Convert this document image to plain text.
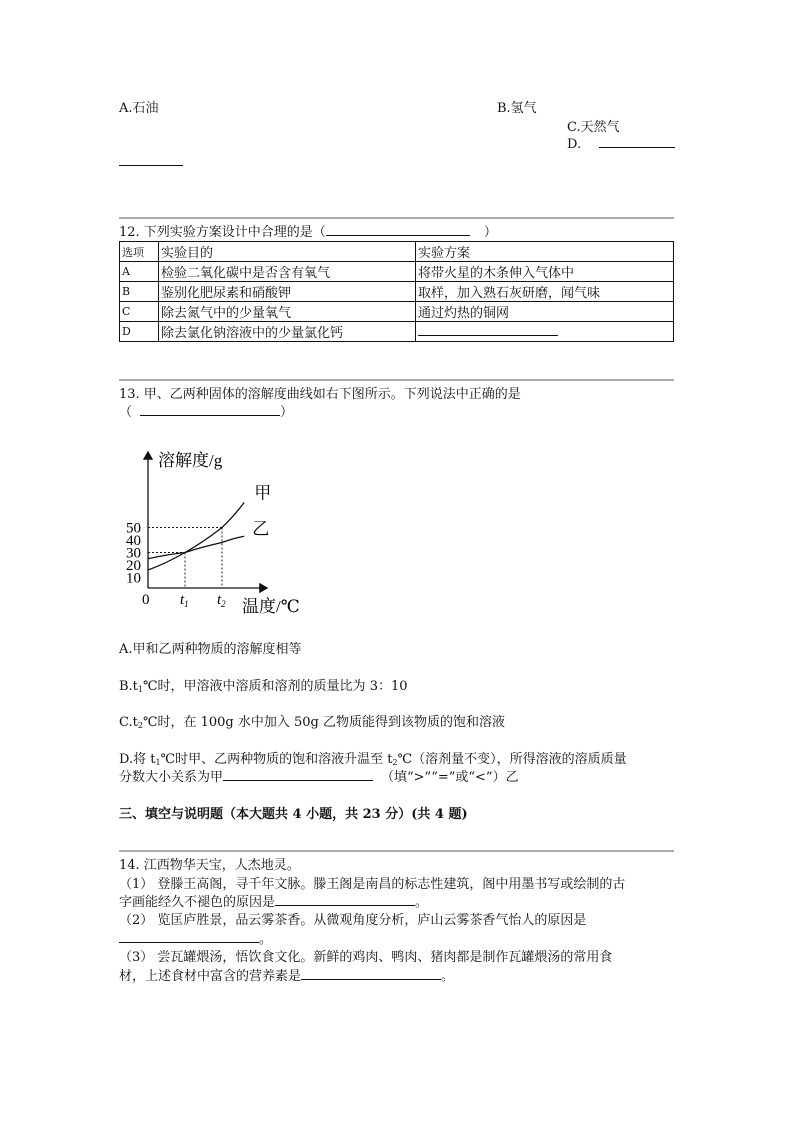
A.石油	B.氢气
C.天然气
D.
12. 下列实验方案设计中合理的是（	）
选项	实验目的	实验方案
A	检验二氧化碳中是否含有氧气	将带火星的木条伸入气体中
B	鉴别化肥尿素和硝酸钾	取样，加入熟石灰研磨，闻气味
C	除去氮气中的少量氧气	通过灼热的铜网
D	除去氯化钠溶液中的少量氯化钙	
13. 甲、乙两种固体的溶解度曲线如右下图所示。下列说法中正确的是
（	）
溶解度/g
温度/℃
0
10
20
30
40
50
$t_1$ $t_2$
甲
乙
A.甲和乙两种物质的溶解度相等
$B.t_1℃$时，甲溶液中溶质和溶剂的质量比为 3：10
$C.t_2℃$时，在 100g 水中加入 50g 乙物质能得到该物质的饱和溶液
D.将 $t_1℃$时甲、乙两种物质的饱和溶液升温至 $t_2℃$（溶剂量不变），所得溶液的溶质质量
分数大小关系为甲	（填“>”“=”或“<”）乙
三、填空与说明题（本大题共 4 小题，共 23 分）(共 4 题)
14. 江西物华天宝，人杰地灵。
（1） 登滕王高阁，寻千年文脉。滕王阁是南昌的标志性建筑，阁中用墨书写或绘制的古
字画能经久不褪色的原因是	。
（2） 览匡庐胜景，品云雾茶香。从微观角度分析，庐山云雾茶香气怡人的原因是
。
（3） 尝瓦罐煨汤，悟饮食文化。新鲜的鸡肉、鸭肉、猪肉都是制作瓦罐煨汤的常用食
材，上述食材中富含的营养素是	。
